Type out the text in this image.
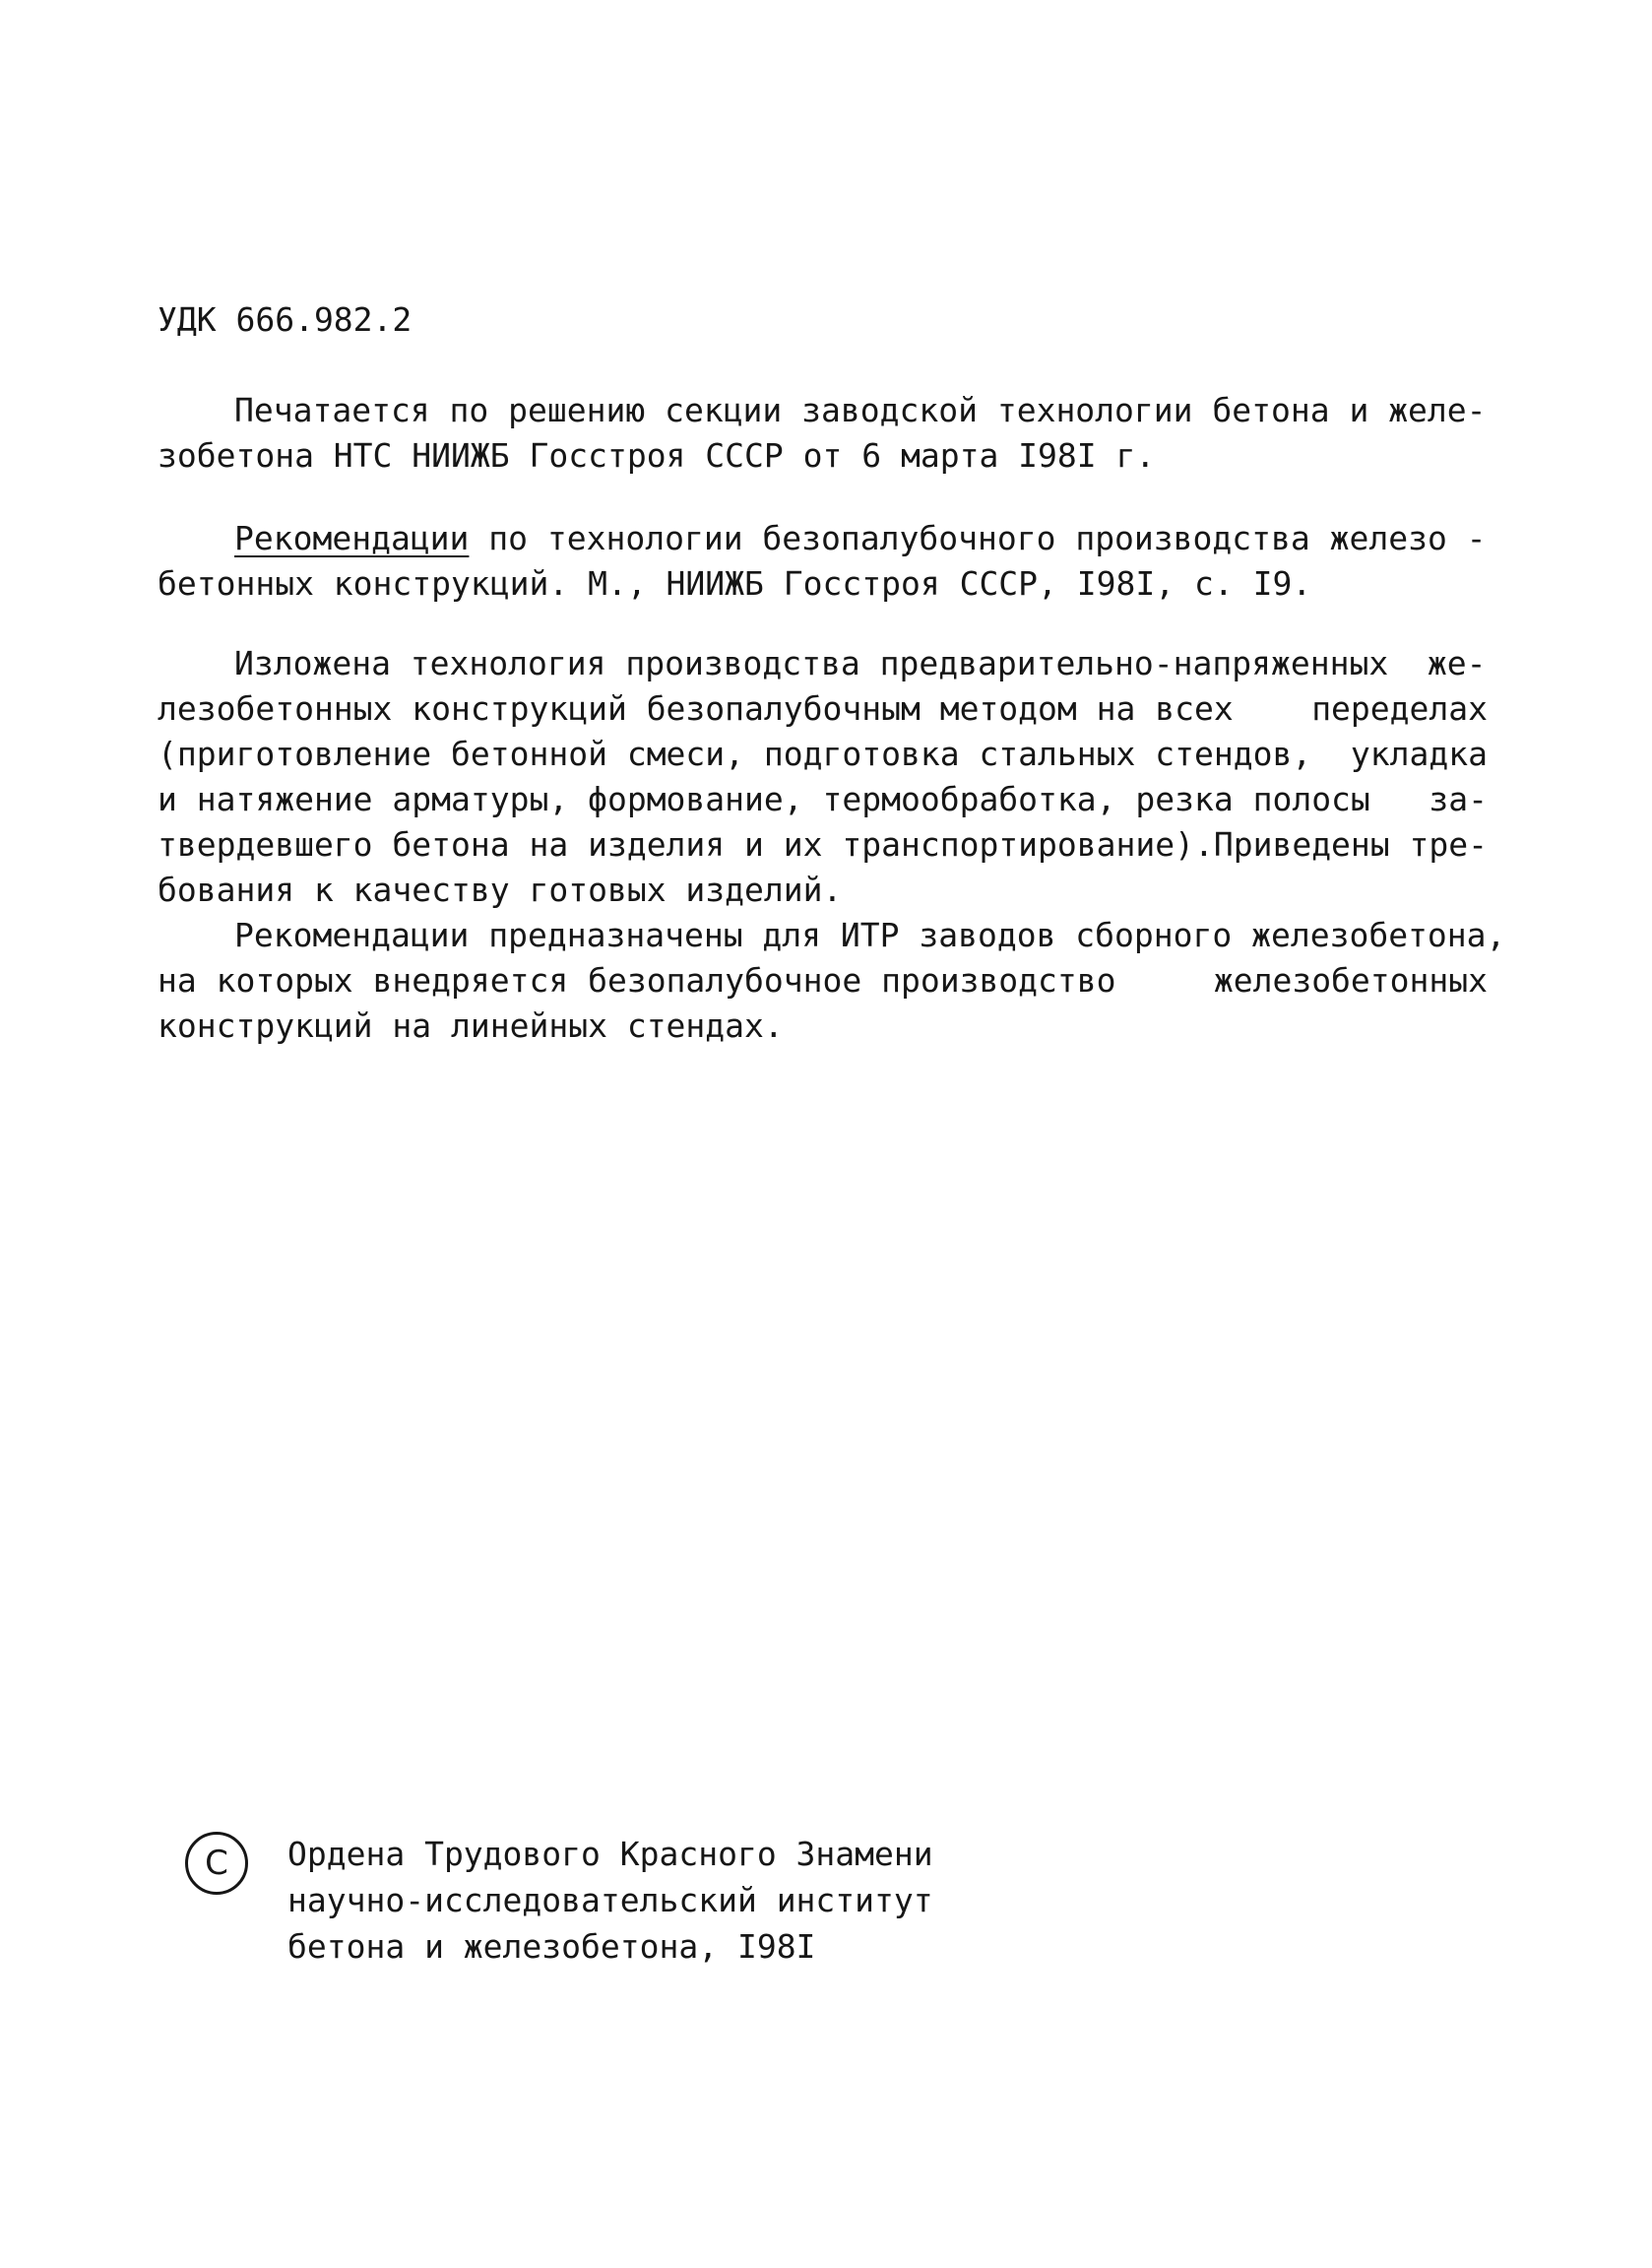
УДК 666.982.2
Печатается по решению секции заводской технологии бетона и желе-
зобетона НТС НИИЖБ Госстроя СССР от 6 марта I98I г.
Рекомендации по технологии безопалубочного производства железо -
бетонных конструкций. М., НИИЖБ Госстроя СССР, I98I, с. I9.
Изложена технология производства предварительно-напряженных  же-
лезобетонных конструкций безопалубочным методом на всех    переделах
(приготовление бетонной смеси, подготовка стальных стендов,  укладка
и натяжение арматуры, формование, термообработка, резка полосы   за-
твердевшего бетона на изделия и их транспортирование).Приведены тре-
бования к качеству готовых изделий.
Рекомендации предназначены для ИТР заводов сборного железобетона,
на которых внедряется безопалубочное производство     железобетонных
конструкций на линейных стендах.
C	Ордена Трудового Красного Знамени
научно-исследовательский институт
бетона и железобетона, I98I
